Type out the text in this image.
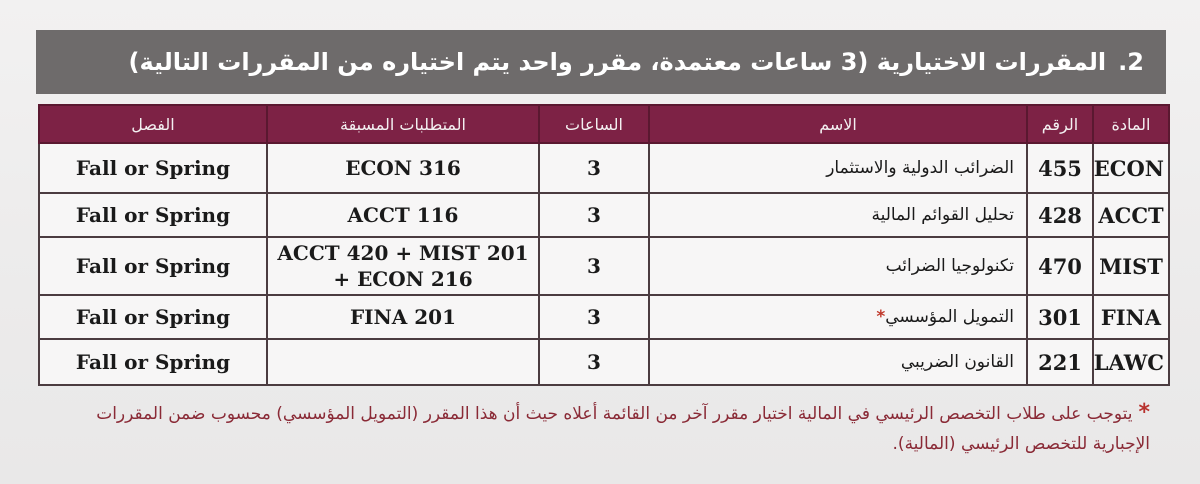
2.
المقررات الاختيارية (3 ساعات معتمدة، مقرر واحد يتم اختياره من المقررات التالية)
المادة	الرقم	الاسم	الساعات	المتطلبات المسبقة	الفصل
ECON	455	الضرائب الدولية والاستثمار	3	ECON 316	Fall or Spring
ACCT	428	تحليل القوائم المالية	3	ACCT 116	Fall or Spring
MIST	470	تكنولوجيا الضرائب	3	ACCT 420 + MIST 201 + ECON 216	Fall or Spring
FINA	301	التمويل المؤسسي*	3	FINA 201	Fall or Spring
LAWC	221	القانون الضريبي	3		Fall or Spring
*يتوجب على طلاب التخصص الرئيسي في المالية اختيار مقرر آخر من القائمة أعلاه حيث أن هذا المقرر (التمويل المؤسسي) محسوب ضمن المقررات الإجبارية للتخصص الرئيسي (المالية).
